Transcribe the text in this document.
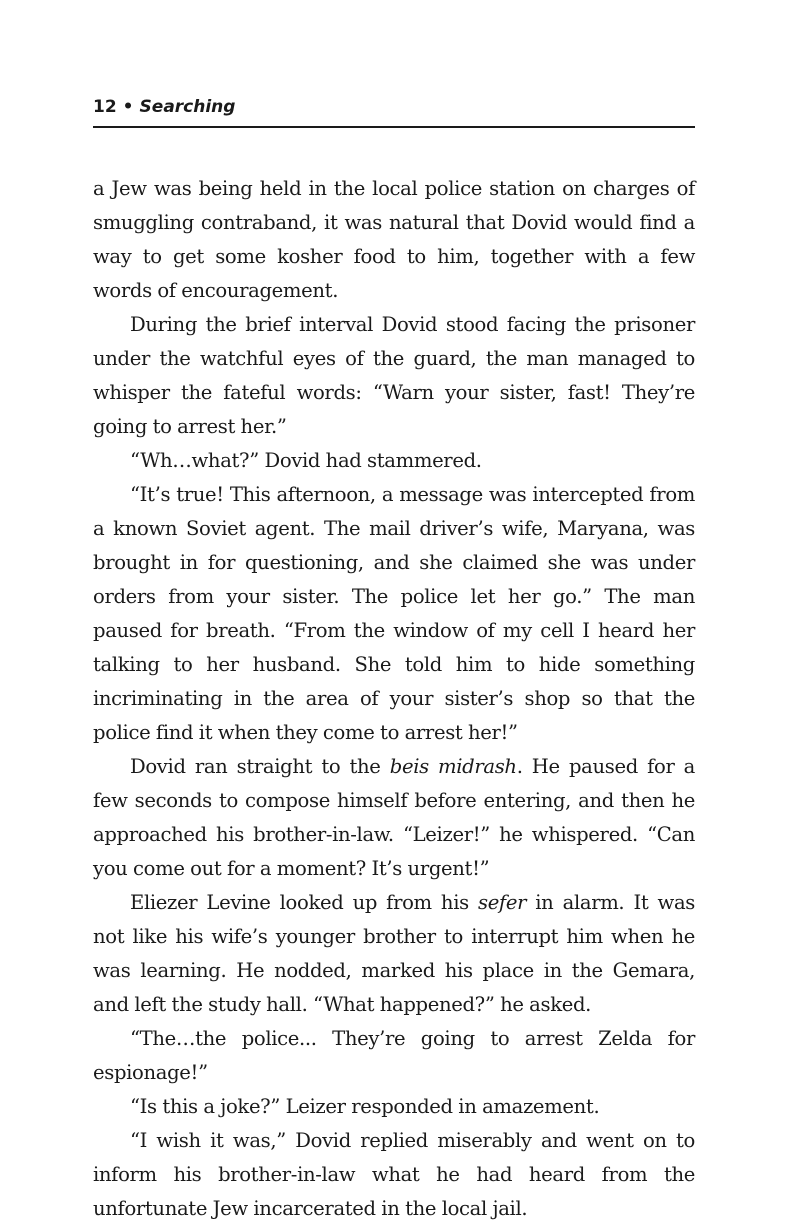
12 • Searching

a Jew was being held in the local police station on charges of smuggling contraband, it was natural that Dovid would find a way to get some kosher food to him, together with a few words of encouragement.

During the brief interval Dovid stood facing the prisoner under the watchful eyes of the guard, the man managed to whisper the fateful words: “Warn your sister, fast! They’re going to arrest her.”

“Wh…what?” Dovid had stammered.

“It’s true! This afternoon, a message was intercepted from a known Soviet agent. The mail driver’s wife, Maryana, was brought in for questioning, and she claimed she was under orders from your sister. The police let her go.” The man paused for breath. “From the window of my cell I heard her talking to her husband. She told him to hide something incriminating in the area of your sister’s shop so that the police find it when they come to arrest her!”

Dovid ran straight to the beis midrash. He paused for a few seconds to compose himself before entering, and then he approached his brother-in-law. “Leizer!” he whispered. “Can you come out for a moment? It’s urgent!”

Eliezer Levine looked up from his sefer in alarm. It was not like his wife’s younger brother to interrupt him when he was learning. He nodded, marked his place in the Gemara, and left the study hall. “What happened?” he asked.

“The…the police... They’re going to arrest Zelda for espionage!”

“Is this a joke?” Leizer responded in amazement.

“I wish it was,” Dovid replied miserably and went on to inform his brother-in-law what he had heard from the unfortunate Jew incarcerated in the local jail.
